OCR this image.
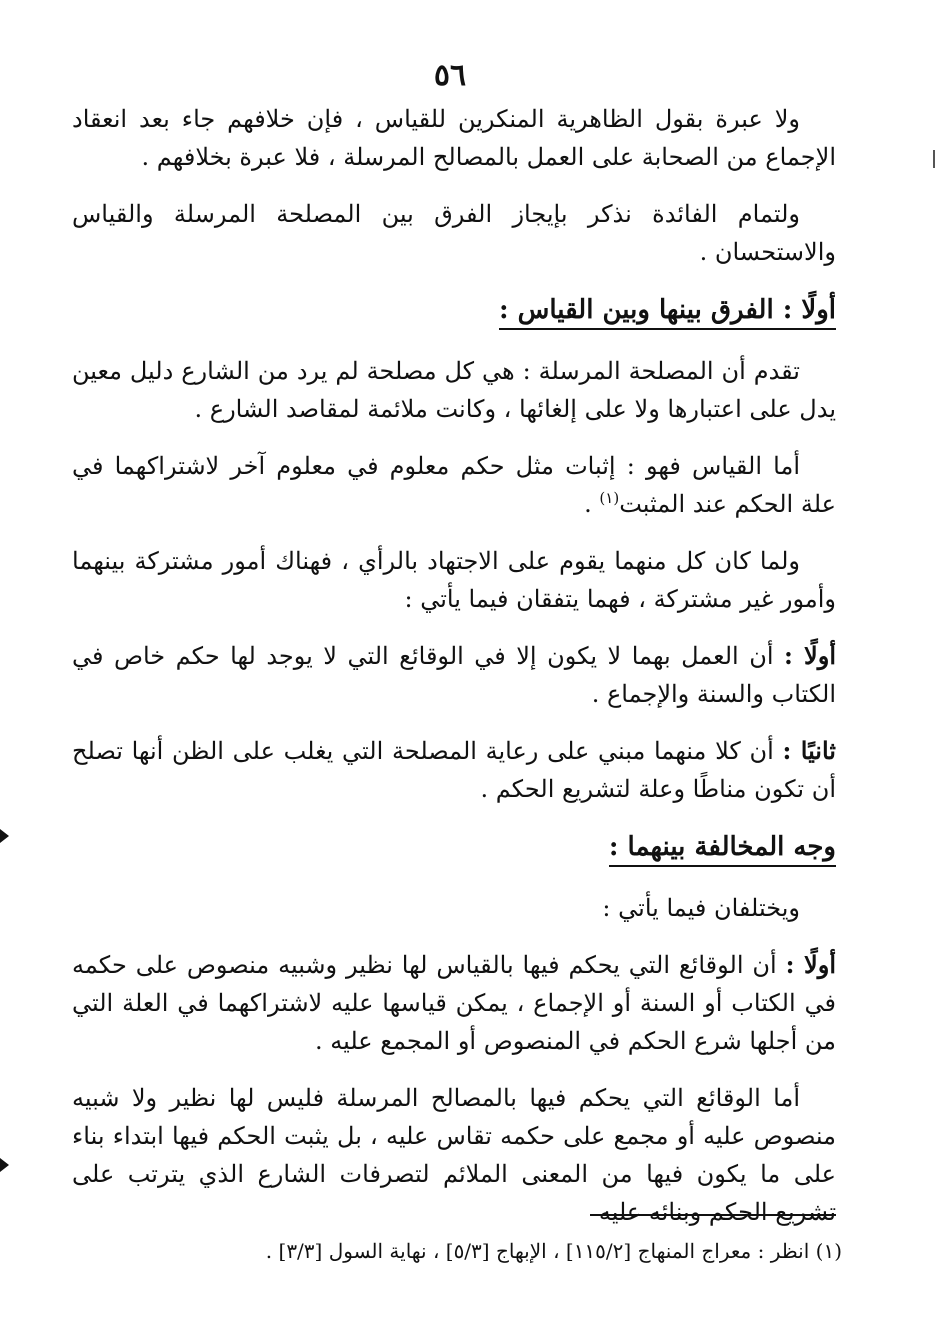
٥٦

ولا عبرة بقول الظاهرية المنكرين للقياس ، فإن خلافهم جاء بعد انعقاد الإجماع من الصحابة على العمل بالمصالح المرسلة ، فلا عبرة بخلافهم .

ولتمام الفائدة نذكر بإيجاز الفرق بين المصلحة المرسلة والقياس والاستحسان .

أولًا : الفرق بينها وبين القياس :

تقدم أن المصلحة المرسلة : هي كل مصلحة لم يرد من الشارع دليل معين يدل على اعتبارها ولا على إلغائها ، وكانت ملائمة لمقاصد الشارع .

أما القياس فهو : إثبات مثل حكم معلوم في معلوم آخر لاشتراكهما في علة الحكم عند المثبت$^{(١)}$ .

ولما كان كل منهما يقوم على الاجتهاد بالرأي ، فهناك أمور مشتركة بينهما وأمور غير مشتركة ، فهما يتفقان فيما يأتي :

أولًا : أن العمل بهما لا يكون إلا في الوقائع التي لا يوجد لها حكم خاص في الكتاب والسنة والإجماع .

ثانيًا : أن كلا منهما مبني على رعاية المصلحة التي يغلب على الظن أنها تصلح أن تكون مناطًا وعلة لتشريع الحكم .

وجه المخالفة بينهما :

ويختلفان فيما يأتي :

أولًا : أن الوقائع التي يحكم فيها بالقياس لها نظير وشبيه منصوص على حكمه في الكتاب أو السنة أو الإجماع ، يمكن قياسها عليه لاشتراكهما في العلة التي من أجلها شرع الحكم في المنصوص أو المجمع عليه .

أما الوقائع التي يحكم فيها بالمصالح المرسلة فليس لها نظير ولا شبيه منصوص عليه أو مجمع على حكمه تقاس عليه ، بل يثبت الحكم فيها ابتداء بناء على ما يكون فيها من المعنى الملائم لتصرفات الشارع الذي يترتب على تشريع الحكم وبنائه عليه

(١) انظر : معراج المنهاج [١١٥/٢] ، الإبهاج [٥/٣] ، نهاية السول [٣/٣] .
